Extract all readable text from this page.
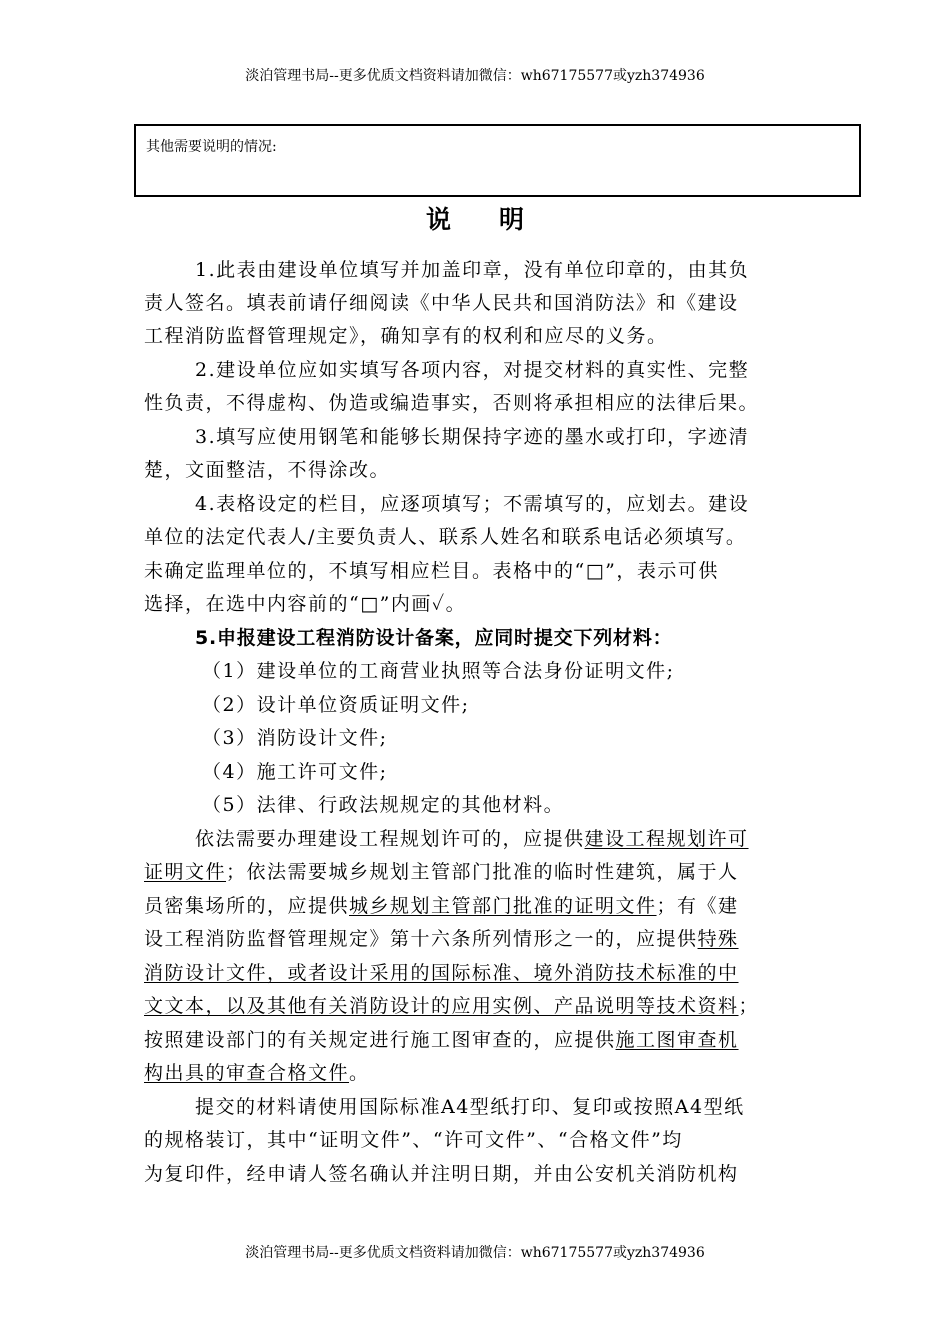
淡泊管理书局--更多优质文档资料请加微信：wh67175577或yzh374936
其他需要说明的情况:
说明
1.此表由建设单位填写并加盖印章，没有单位印章的，由其负
责人签名。填表前请仔细阅读《中华人民共和国消防法》和《建设
工程消防监督管理规定》，确知享有的权利和应尽的义务。
2.建设单位应如实填写各项内容，对提交材料的真实性、完整
性负责，不得虚构、伪造或编造事实，否则将承担相应的法律后果。
3.填写应使用钢笔和能够长期保持字迹的墨水或打印，字迹清
楚，文面整洁，不得涂改。
4.表格设定的栏目，应逐项填写；不需填写的，应划去。建设
单位的法定代表人/主要负责人、联系人姓名和联系电话必须填写。
未确定监理单位的，不填写相应栏目。表格中的“□”，表示可供
选择，在选中内容前的“□”内画✓。
5.申报建设工程消防设计备案，应同时提交下列材料：
（1）建设单位的工商营业执照等合法身份证明文件;
（2）设计单位资质证明文件;
（3）消防设计文件;
（4）施工许可文件;
（5）法律、行政法规规定的其他材料。
依法需要办理建设工程规划许可的，应提供建设工程规划许可
证明文件；依法需要城乡规划主管部门批准的临时性建筑，属于人
员密集场所的，应提供城乡规划主管部门批准的证明文件；有《建
设工程消防监督管理规定》第十六条所列情形之一的，应提供特殊
消防设计文件，或者设计采用的国际标准、境外消防技术标准的中
文文本，以及其他有关消防设计的应用实例、产品说明等技术资料；
按照建设部门的有关规定进行施工图审查的，应提供施工图审查机
构出具的审查合格文件。
提交的材料请使用国际标准A4型纸打印、复印或按照A4型纸
的规格装订，其中“证明文件”、“许可文件”、“合格文件”均
为复印件，经申请人签名确认并注明日期，并由公安机关消防机构
淡泊管理书局--更多优质文档资料请加微信：wh67175577或yzh374936
